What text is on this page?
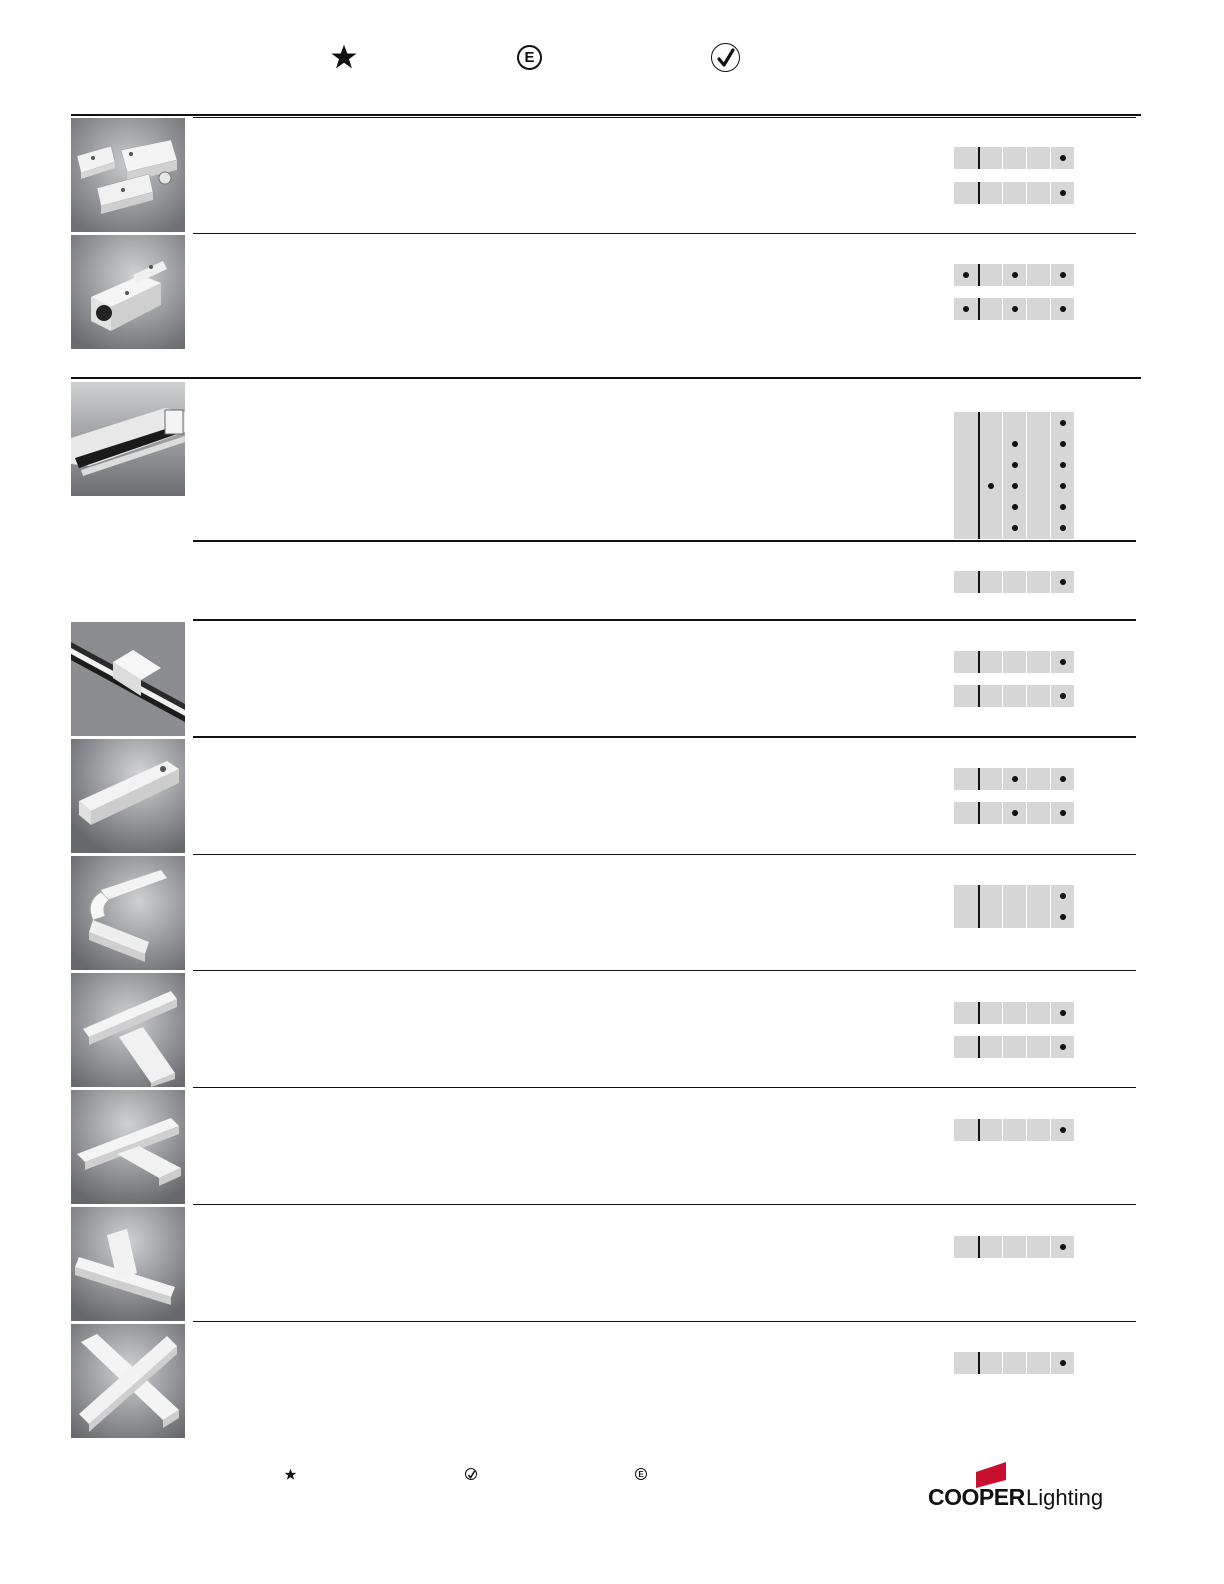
E
E
COOPER Lighting
